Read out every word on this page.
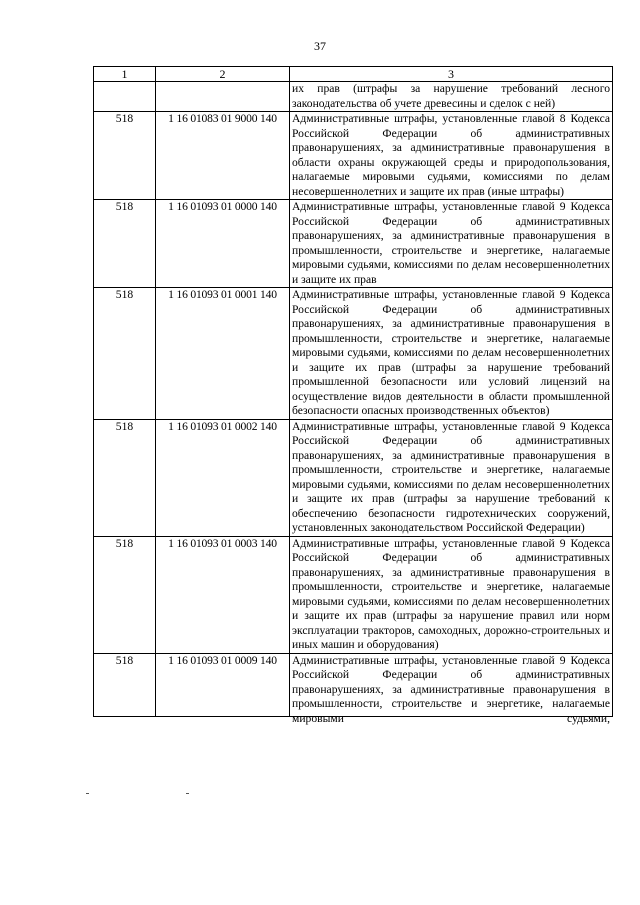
37
1	2	3
		их прав (штрафы за нарушение требований лесного законодательства об учете древесины и сделок с ней)
518	1 16 01083 01 9000 140	Административные штрафы, установленные главой 8 Кодекса Российской Федерации об административных правонарушениях, за административные правонарушения в области охраны окружающей среды и природопользования, налагаемые мировыми судьями, комиссиями по делам несовершеннолетних и защите их прав (иные штрафы)
518	1 16 01093 01 0000 140	Административные штрафы, установленные главой 9 Кодекса Российской Федерации об административных правонарушениях, за административные правонарушения в промышленности, строительстве и энергетике, налагаемые мировыми судьями, комиссиями по делам несовершеннолетних и защите их прав
518	1 16 01093 01 0001 140	Административные штрафы, установленные главой 9 Кодекса Российской Федерации об административных правонарушениях, за административные правонарушения в промышленности, строительстве и энергетике, налагаемые мировыми судьями, комиссиями по делам несовершеннолетних и защите их прав (штрафы за нарушение требований промышленной безопасности или условий лицензий на осуществление видов деятельности в области промышленной безопасности опасных производственных объектов)
518	1 16 01093 01 0002 140	Административные штрафы, установленные главой 9 Кодекса Российской Федерации об административных правонарушениях, за административные правонарушения в промышленности, строительстве и энергетике, налагаемые мировыми судьями, комиссиями по делам несовершеннолетних и защите их прав (штрафы за нарушение требований к обеспечению безопасности гидротехнических сооружений, установленных законодательством Российской Федерации)
518	1 16 01093 01 0003 140	Административные штрафы, установленные главой 9 Кодекса Российской Федерации об административных правонарушениях, за административные правонарушения в промышленности, строительстве и энергетике, налагаемые мировыми судьями, комиссиями по делам несовершеннолетних и защите их прав (штрафы за нарушение правил или норм эксплуатации тракторов, самоходных, дорожно-строительных и иных машин и оборудования)
518	1 16 01093 01 0009 140	Административные штрафы, установленные главой 9 Кодекса Российской Федерации об административных правонарушениях, за административные правонарушения в промышленности, строительстве и энергетике, налагаемые мировыми судьями,
